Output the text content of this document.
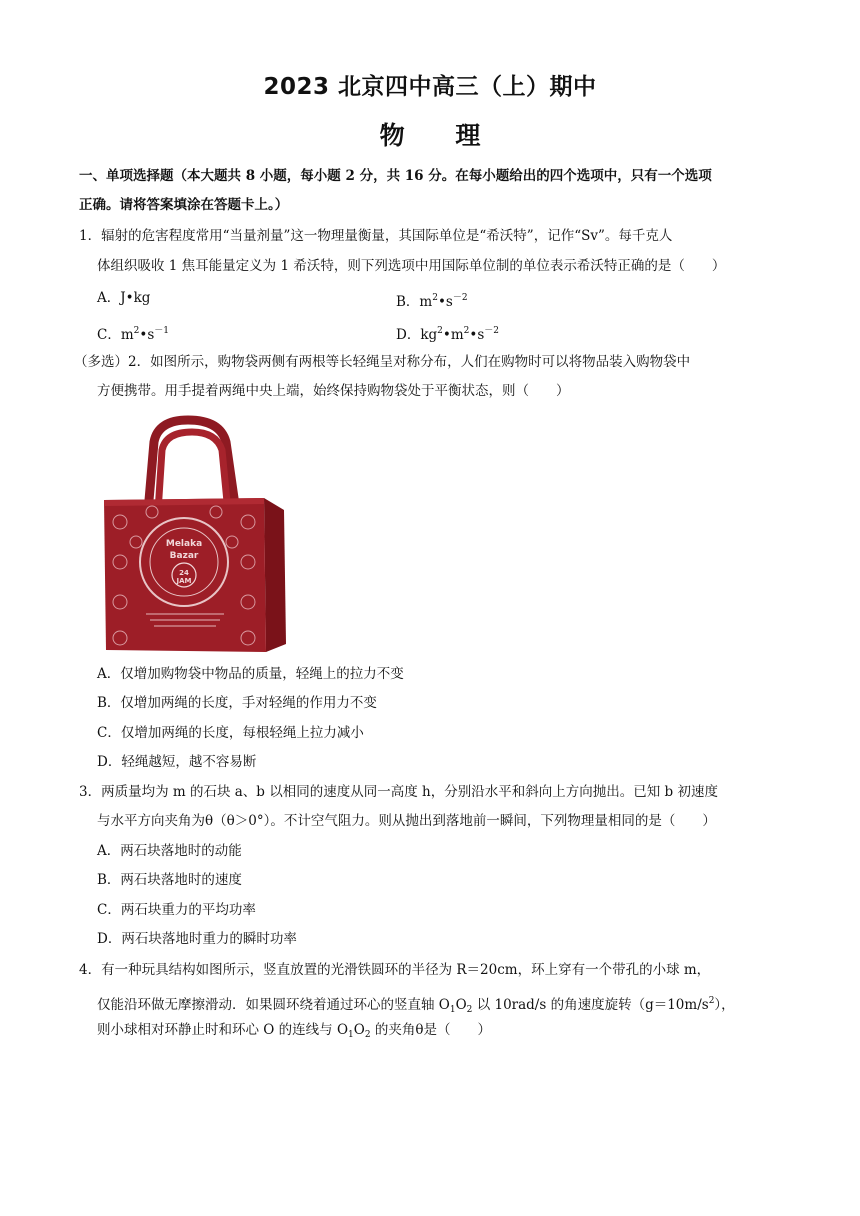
2023 北京四中高三（上）期中
物 理
一、单项选择题（本大题共 8 小题，每小题 2 分，共 16 分。在每小题给出的四个选项中，只有一个选项
正确。请将答案填涂在答题卡上。）
1．辐射的危害程度常用“当量剂量”这一物理量衡量，其国际单位是“希沃特”，记作“Sv”。每千克人
体组织吸收 1 焦耳能量定义为 1 希沃特，则下列选项中用国际单位制的单位表示希沃特正确的是（　　）
A．J•kg	B．$m^2•s^{-2}$
C．$m^2•s^{-1}$	D．$kg^2•m^2•s^{-2}$
（多选）2．如图所示，购物袋两侧有两根等长轻绳呈对称分布，人们在购物时可以将物品装入购物袋中
方便携带。用手提着两绳中央上端，始终保持购物袋处于平衡状态，则（　　）
Melaka
Bazar
24
JAM
A．仅增加购物袋中物品的质量，轻绳上的拉力不变
B．仅增加两绳的长度，手对轻绳的作用力不变
C．仅增加两绳的长度，每根轻绳上拉力减小
D．轻绳越短，越不容易断
3．两质量均为 m 的石块 a、b 以相同的速度从同一高度 h，分别沿水平和斜向上方向抛出。已知 b 初速度
与水平方向夹角为θ（θ＞0°）。不计空气阻力。则从抛出到落地前一瞬间，下列物理量相同的是（　　）
A．两石块落地时的动能
B．两石块落地时的速度
C．两石块重力的平均功率
D．两石块落地时重力的瞬时功率
4．有一种玩具结构如图所示，竖直放置的光滑铁圆环的半径为 R＝20cm，环上穿有一个带孔的小球 m，
仅能沿环做无摩擦滑动．如果圆环绕着通过环心的竖直轴 $O_1O_2$ 以 10rad/s 的角速度旋转$(g=10m/s^2)$，
则小球相对环静止时和环心 O 的连线与 $O_1O_2$ 的夹角θ是（　　）
